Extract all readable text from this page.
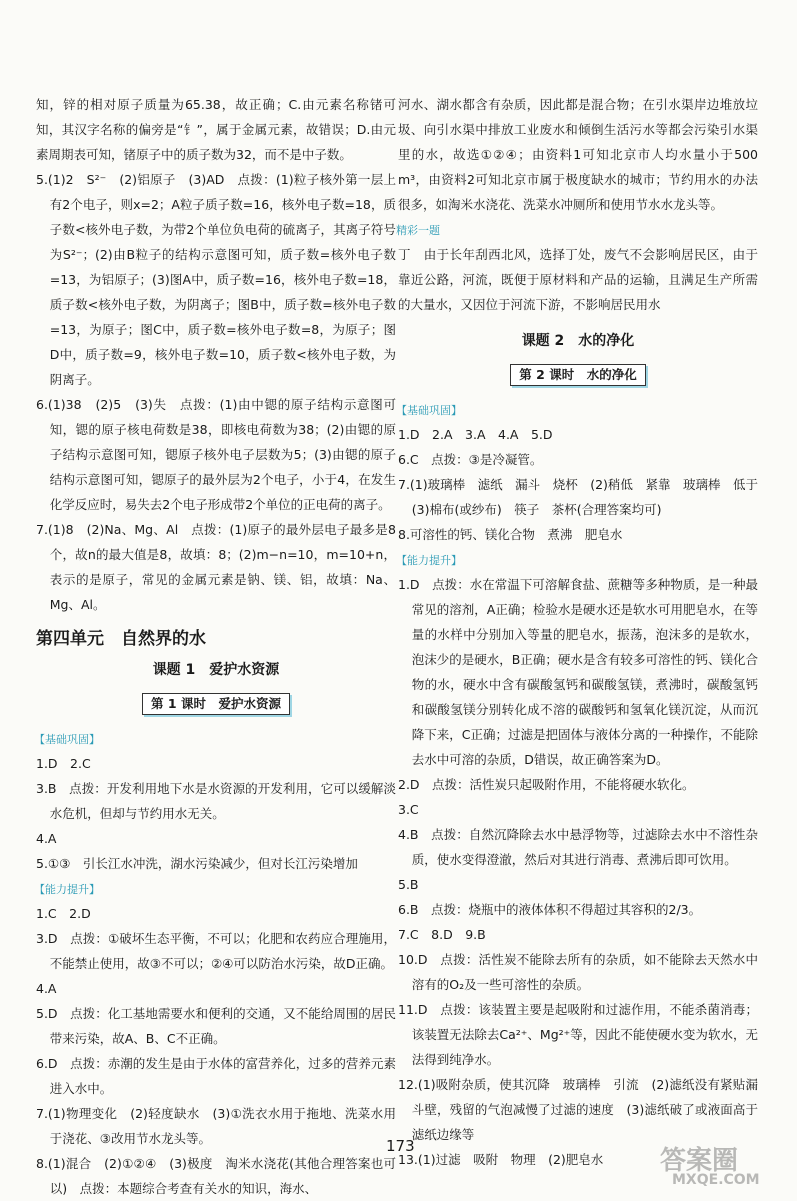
知，锌的相对原子质量为65.38，故正确；C.由元素名称锗可知，其汉字名称的偏旁是“钅”，属于金属元素，故错误；D.由元素周期表可知，锗原子中的质子数为32，而不是中子数。

5.(1)2　S²⁻　(2)铝原子　(3)AD　点拨：(1)粒子核外第一层上有2个电子，则x=2；A粒子质子数=16，核外电子数=18，质子数<核外电子数，为带2个单位负电荷的硫离子，其离子符号为S²⁻；(2)由B粒子的结构示意图可知，质子数=核外电子数=13，为铝原子；(3)图A中，质子数=16，核外电子数=18，质子数<核外电子数，为阴离子；图B中，质子数=核外电子数=13，为原子；图C中，质子数=核外电子数=8，为原子；图D中，质子数=9，核外电子数=10，质子数<核外电子数，为阴离子。

6.(1)38　(2)5　(3)失　点拨：(1)由中锶的原子结构示意图可知，锶的原子核电荷数是38，即核电荷数为38；(2)由锶的原子结构示意图可知，锶原子核外电子层数为5；(3)由锶的原子结构示意图可知，锶原子的最外层为2个电子，小于4，在发生化学反应时，易失去2个电子形成带2个单位的正电荷的离子。

7.(1)8　(2)Na、Mg、Al　点拨：(1)原子的最外层电子最多是8个，故n的最大值是8，故填：8；(2)m−n=10，m=10+n，表示的是原子，常见的金属元素是钠、镁、铝，故填：Na、Mg、Al。

第四单元　自然界的水
课题 1　爱护水资源
第 1 课时　爱护水资源
【基础巩固】

1.D　2.C

3.B　点拨：开发利用地下水是水资源的开发利用，它可以缓解淡水危机，但却与节约用水无关。

4.A

5.①③　引长江水冲洗，湖水污染减少，但对长江污染增加

【能力提升】

1.C　2.D

3.D　点拨：①破坏生态平衡，不可以；化肥和农药应合理施用，不能禁止使用，故③不可以；②④可以防治水污染，故D正确。

4.A

5.D　点拨：化工基地需要水和便利的交通，又不能给周围的居民带来污染，故A、B、C不正确。

6.D　点拨：赤潮的发生是由于水体的富营养化，过多的营养元素进入水中。

7.(1)物理变化　(2)轻度缺水　(3)①洗衣水用于拖地、洗菜水用于浇花、③改用节水龙头等。

8.(1)混合　(2)①②④　(3)极度　淘米水浇花(其他合理答案也可以)　点拨：本题综合考查有关水的知识，海水、

河水、湖水都含有杂质，因此都是混合物；在引水渠岸边堆放垃圾、向引水渠中排放工业废水和倾倒生活污水等都会污染引水渠里的水，故选①②④；由资料1可知北京市人均水量小于500 m³，由资料2可知北京市属于极度缺水的城市；节约用水的办法很多，如淘米水浇花、洗菜水冲厕所和使用节水水龙头等。

精彩一题

丁　由于长年刮西北风，选择丁处，废气不会影响居民区，由于靠近公路，河流，既便于原材料和产品的运输，且满足生产所需的大量水，又因位于河流下游，不影响居民用水

课题 2　水的净化
第 2 课时　水的净化
【基础巩固】

1.D　2.A　3.A　4.A　5.D

6.C　点拨：③是冷凝管。

7.(1)玻璃棒　滤纸　漏斗　烧杯　(2)稍低　紧靠　玻璃棒　低于　(3)棉布(或纱布)　筷子　茶杯(合理答案均可)

8.可溶性的钙、镁化合物　煮沸　肥皂水

【能力提升】

1.D　点拨：水在常温下可溶解食盐、蔗糖等多种物质，是一种最常见的溶剂，A正确；检验水是硬水还是软水可用肥皂水，在等量的水样中分别加入等量的肥皂水，振荡，泡沫多的是软水，泡沫少的是硬水，B正确；硬水是含有较多可溶性的钙、镁化合物的水，硬水中含有碳酸氢钙和碳酸氢镁，煮沸时，碳酸氢钙和碳酸氢镁分别转化成不溶的碳酸钙和氢氧化镁沉淀，从而沉降下来，C正确；过滤是把固体与液体分离的一种操作，不能除去水中可溶的杂质，D错误，故正确答案为D。

2.D　点拨：活性炭只起吸附作用，不能将硬水软化。

3.C

4.B　点拨：自然沉降除去水中悬浮物等，过滤除去水中不溶性杂质，使水变得澄澈，然后对其进行消毒、煮沸后即可饮用。

5.B

6.B　点拨：烧瓶中的液体体积不得超过其容积的2/3。

7.C　8.D　9.B

10.D　点拨：活性炭不能除去所有的杂质，如不能除去天然水中溶有的O₂及一些可溶性的杂质。

11.D　点拨：该装置主要是起吸附和过滤作用，不能杀菌消毒；该装置无法除去Ca²⁺、Mg²⁺等，因此不能使硬水变为软水，无法得到纯净水。

12.(1)吸附杂质，使其沉降　玻璃棒　引流　(2)滤纸没有紧贴漏斗壁，残留的气泡减慢了过滤的速度　(3)滤纸破了或液面高于滤纸边缘等

13.(1)过滤　吸附　物理　(2)肥皂水

173	答案圈
MXQE.COM
